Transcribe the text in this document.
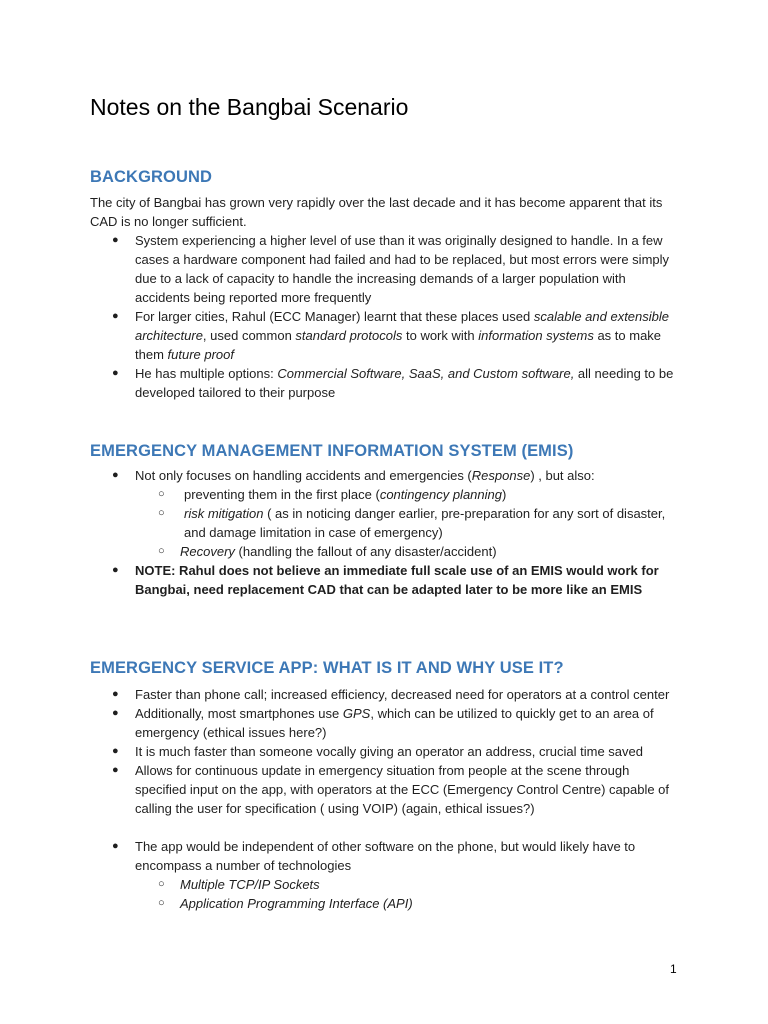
Notes on the Bangbai Scenario
BACKGROUND

The city of Bangbai has grown very rapidly over the last decade and it has become apparent that its CAD is no longer sufficient.

● System experiencing a higher level of use than it was originally designed to handle. In a few cases a hardware component had failed and had to be replaced, but most errors were simply due to a lack of capacity to handle the increasing demands of a larger population with accidents being reported more frequently
● For larger cities, Rahul (ECC Manager) learnt that these places used scalable and extensible architecture, used common standard protocols to work with information systems as to make them future proof
● He has multiple options: Commercial Software, SaaS, and Custom software, all needing to be developed tailored to their purpose
EMERGENCY MANAGEMENT INFORMATION SYSTEM (EMIS)
● Not only focuses on handling accidents and emergencies (Response) , but also:
○	preventing them in the first place (contingency planning)
○	risk mitigation ( as in noticing danger earlier, pre-preparation for any sort of disaster, and damage limitation in case of emergency)
○ Recovery (handling the fallout of any disaster/accident)
● NOTE: Rahul does not believe an immediate full scale use of an EMIS would work for Bangbai, need replacement CAD that can be adapted later to be more like an EMIS
EMERGENCY SERVICE APP: WHAT IS IT AND WHY USE IT?
● Faster than phone call; increased efficiency, decreased need for operators at a control center
● Additionally, most smartphones use GPS, which can be utilized to quickly get to an area of emergency (ethical issues here?)
● It is much faster than someone vocally giving an operator an address, crucial time saved
● Allows for continuous update in emergency situation from people at the scene through specified input on the app, with operators at the ECC (Emergency Control Centre) capable of calling the user for specification ( using VOIP) (again, ethical issues?)
● The app would be independent of other software on the phone, but would likely have to encompass a number of technologies
○ Multiple TCP/IP Sockets
○ Application Programming Interface (API)
1
